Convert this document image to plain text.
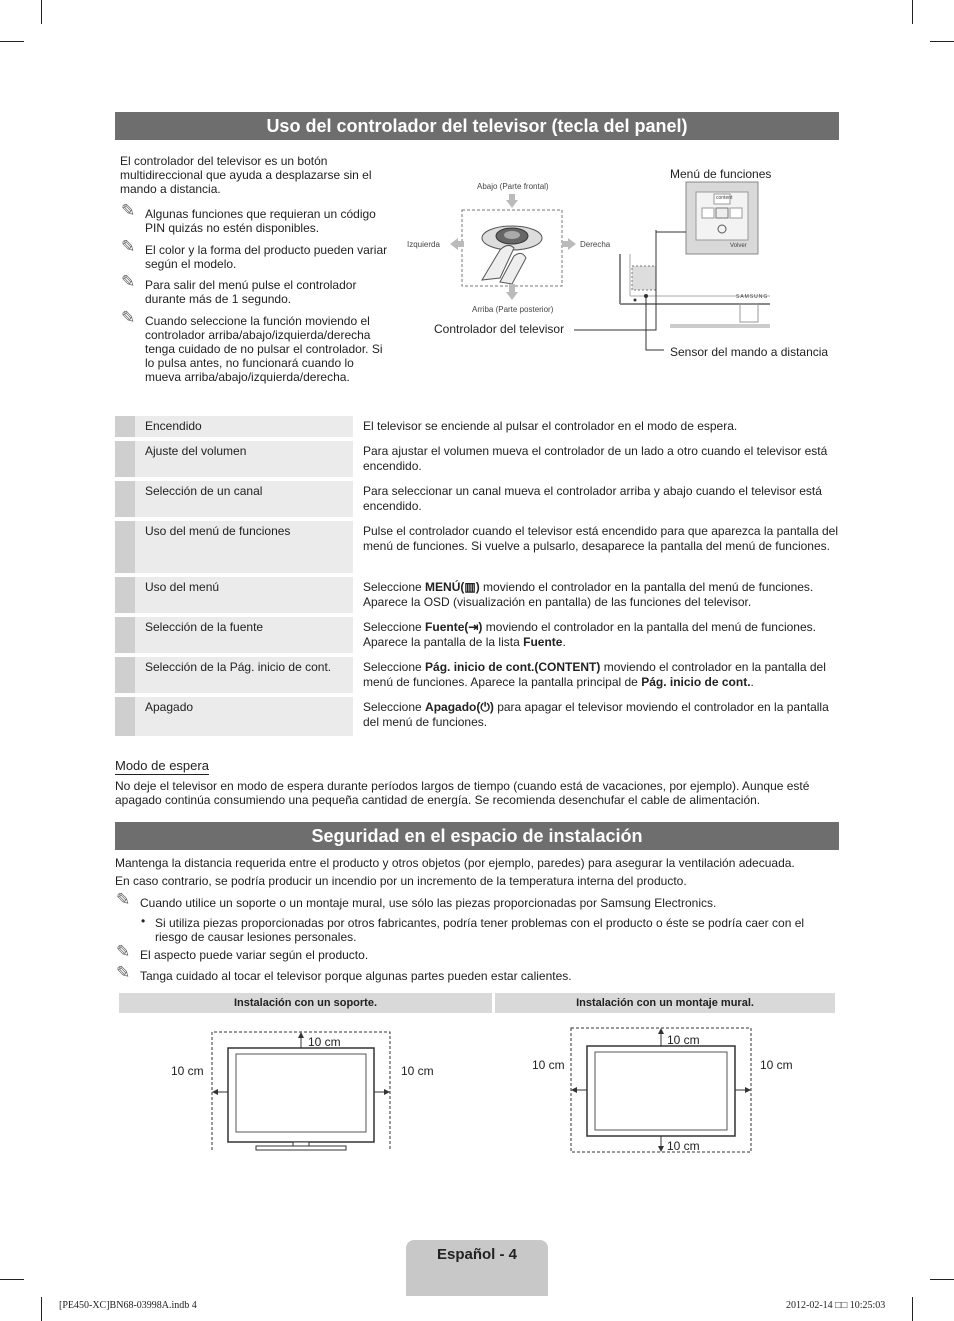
Uso del controlador del televisor (tecla del panel)
El controlador del televisor es un botón multidireccional que ayuda a desplazarse sin el mando a distancia.
✎ Algunas funciones que requieran un código PIN quizás no estén disponibles.
✎ El color y la forma del producto pueden variar según el modelo.
✎ Para salir del menú pulse el controlador durante más de 1 segundo.
✎ Cuando seleccione la función moviendo el controlador arriba/abajo/izquierda/derecha tenga cuidado de no pulsar el controlador. Si lo pulsa antes, no funcionará cuando lo mueva arriba/abajo/izquierda/derecha.
Abajo (Parte frontal)
Arriba (Parte posterior)
Izquierda	Derecha
content
Volver
SAMSUNG
Controlador del televisor
Menú de funciones
Sensor del mando a distancia
Encendido	El televisor se enciende al pulsar el controlador en el modo de espera.
Ajuste del volumen	Para ajustar el volumen mueva el controlador de un lado a otro cuando el televisor está encendido.
Selección de un canal	Para seleccionar un canal mueva el controlador arriba y abajo cuando el televisor está encendido.
Uso del menú de funciones	Pulse el controlador cuando el televisor está encendido para que aparezca la pantalla del menú de funciones. Si vuelve a pulsarlo, desaparece la pantalla del menú de funciones.
Uso del menú	Seleccione MENÚ(▥) moviendo el controlador en la pantalla del menú de funciones. Aparece la OSD (visualización en pantalla) de las funciones del televisor.
Selección de la fuente	Seleccione Fuente(⇥) moviendo el controlador en la pantalla del menú de funciones. Aparece la pantalla de la lista Fuente.
Selección de la Pág. inicio de cont.	Seleccione Pág. inicio de cont.(CONTENT) moviendo el controlador en la pantalla del menú de funciones. Aparece la pantalla principal de Pág. inicio de cont..
Apagado	Seleccione Apagado(⏻) para apagar el televisor moviendo el controlador en la pantalla del menú de funciones.
Modo de espera
No deje el televisor en modo de espera durante períodos largos de tiempo (cuando está de vacaciones, por ejemplo). Aunque esté apagado continúa consumiendo una pequeña cantidad de energía. Se recomienda desenchufar el cable de alimentación.
Seguridad en el espacio de instalación
Mantenga la distancia requerida entre el producto y otros objetos (por ejemplo, paredes) para asegurar la ventilación adecuada.
En caso contrario, se podría producir un incendio por un incremento de la temperatura interna del producto.
✎ Cuando utilice un soporte o un montaje mural, use sólo las piezas proporcionadas por Samsung Electronics.
• Si utiliza piezas proporcionadas por otros fabricantes, podría tener problemas con el producto o éste se podría caer con el riesgo de causar lesiones personales.
✎ El aspecto puede variar según el producto.
✎ Tanga cuidado al tocar el televisor porque algunas partes pueden estar calientes.
Instalación con un soporte.	Instalación con un montaje mural.
10 cm
10 cm	10 cm
10 cm
10 cm	10 cm
10 cm
Español - 4
[PE450-XC]BN68-03998A.indb 4	2012-02-14 □□ 10:25:03
